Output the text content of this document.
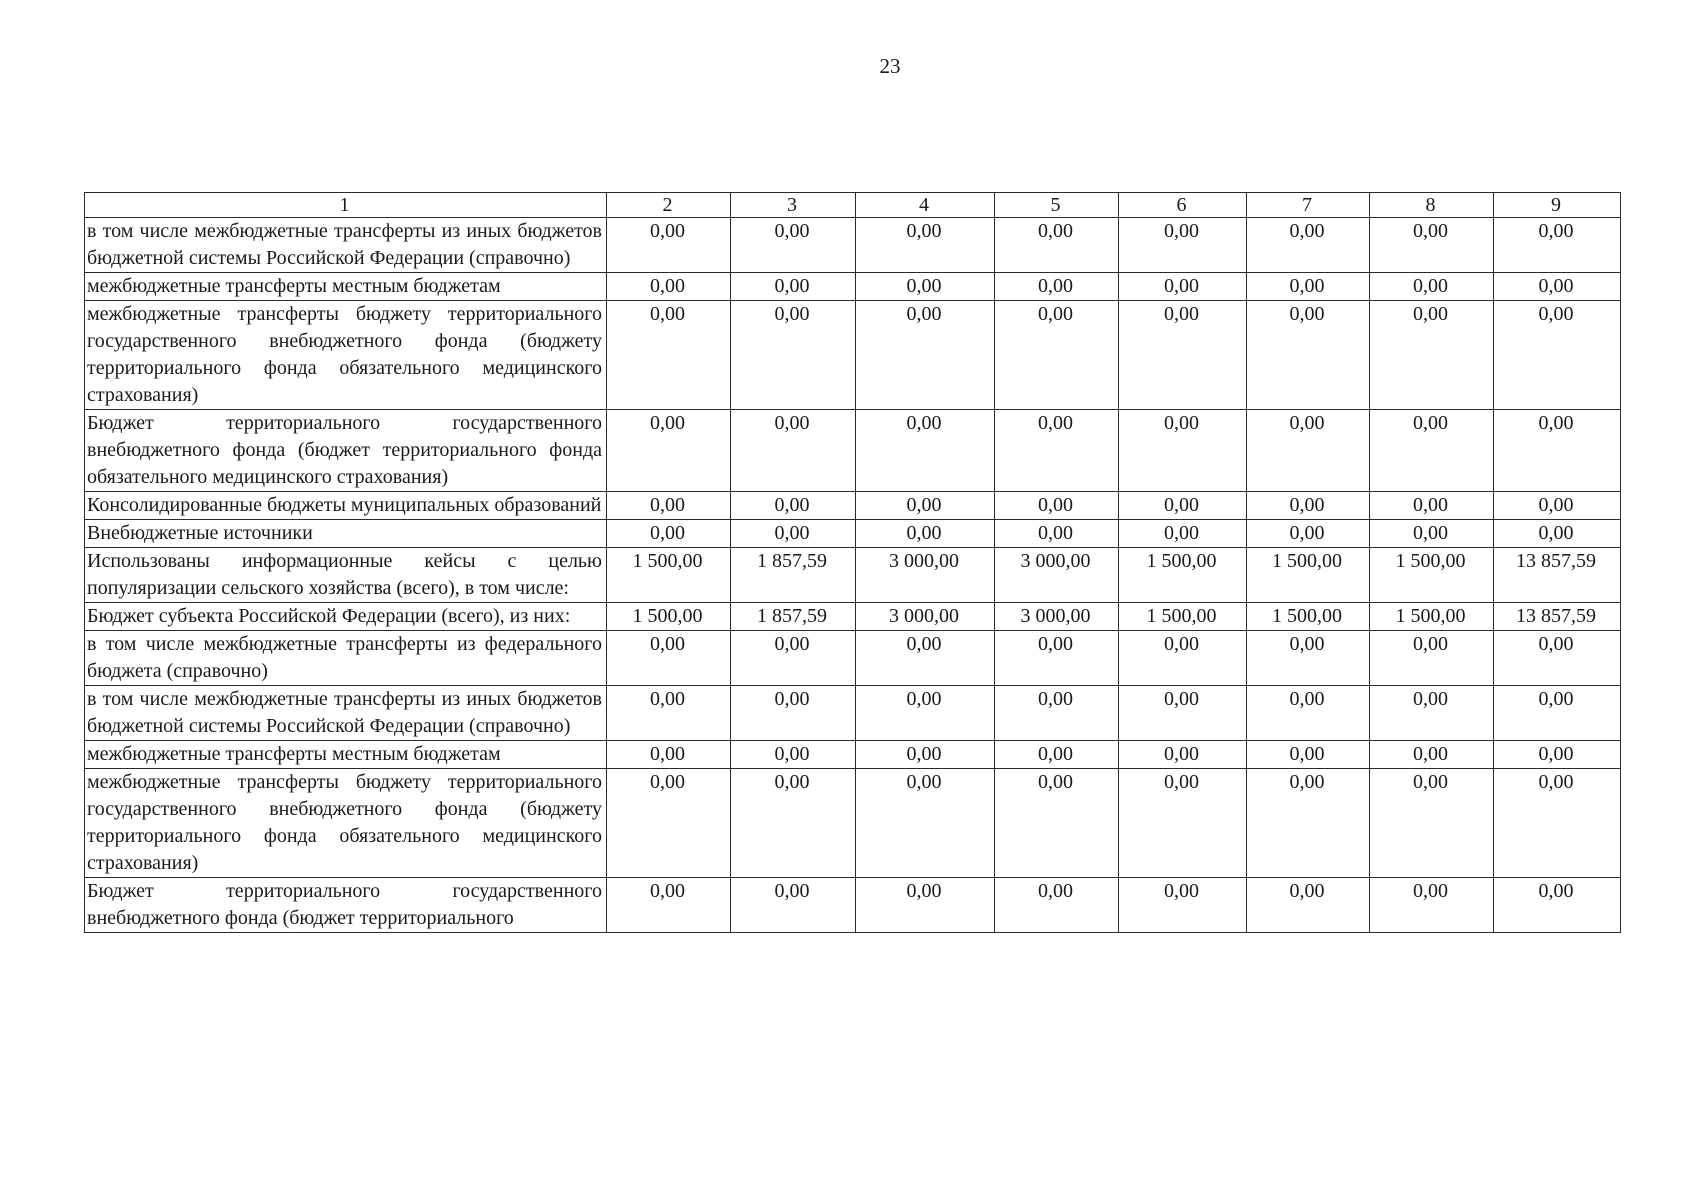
23
1	2	3	4	5	6	7	8	9
в том числе межбюджетные трансферты из иных бюджетов бюджетной системы Российской Федерации (справочно)	0,00	0,00	0,00	0,00	0,00	0,00	0,00	0,00
межбюджетные трансферты местным бюджетам	0,00	0,00	0,00	0,00	0,00	0,00	0,00	0,00
межбюджетные трансферты бюджету территориального государственного внебюджетного фонда (бюджету территориального фонда обязательного медицинского страхования)	0,00	0,00	0,00	0,00	0,00	0,00	0,00	0,00
Бюджет территориального государственного внебюджетного фонда (бюджет территориального фонда обязательного медицинского страхования)	0,00	0,00	0,00	0,00	0,00	0,00	0,00	0,00
Консолидированные бюджеты муниципальных образований	0,00	0,00	0,00	0,00	0,00	0,00	0,00	0,00
Внебюджетные источники	0,00	0,00	0,00	0,00	0,00	0,00	0,00	0,00
Использованы информационные кейсы с целью популяризации сельского хозяйства (всего), в том числе:	1 500,00	1 857,59	3 000,00	3 000,00	1 500,00	1 500,00	1 500,00	13 857,59
Бюджет субъекта Российской Федерации (всего), из них:	1 500,00	1 857,59	3 000,00	3 000,00	1 500,00	1 500,00	1 500,00	13 857,59
в том числе межбюджетные трансферты из федерального бюджета (справочно)	0,00	0,00	0,00	0,00	0,00	0,00	0,00	0,00
в том числе межбюджетные трансферты из иных бюджетов бюджетной системы Российской Федерации (справочно)	0,00	0,00	0,00	0,00	0,00	0,00	0,00	0,00
межбюджетные трансферты местным бюджетам	0,00	0,00	0,00	0,00	0,00	0,00	0,00	0,00
межбюджетные трансферты бюджету территориального государственного внебюджетного фонда (бюджету территориального фонда обязательного медицинского страхования)	0,00	0,00	0,00	0,00	0,00	0,00	0,00	0,00
Бюджет территориального государственного внебюджетного фонда (бюджет территориального	0,00	0,00	0,00	0,00	0,00	0,00	0,00	0,00
